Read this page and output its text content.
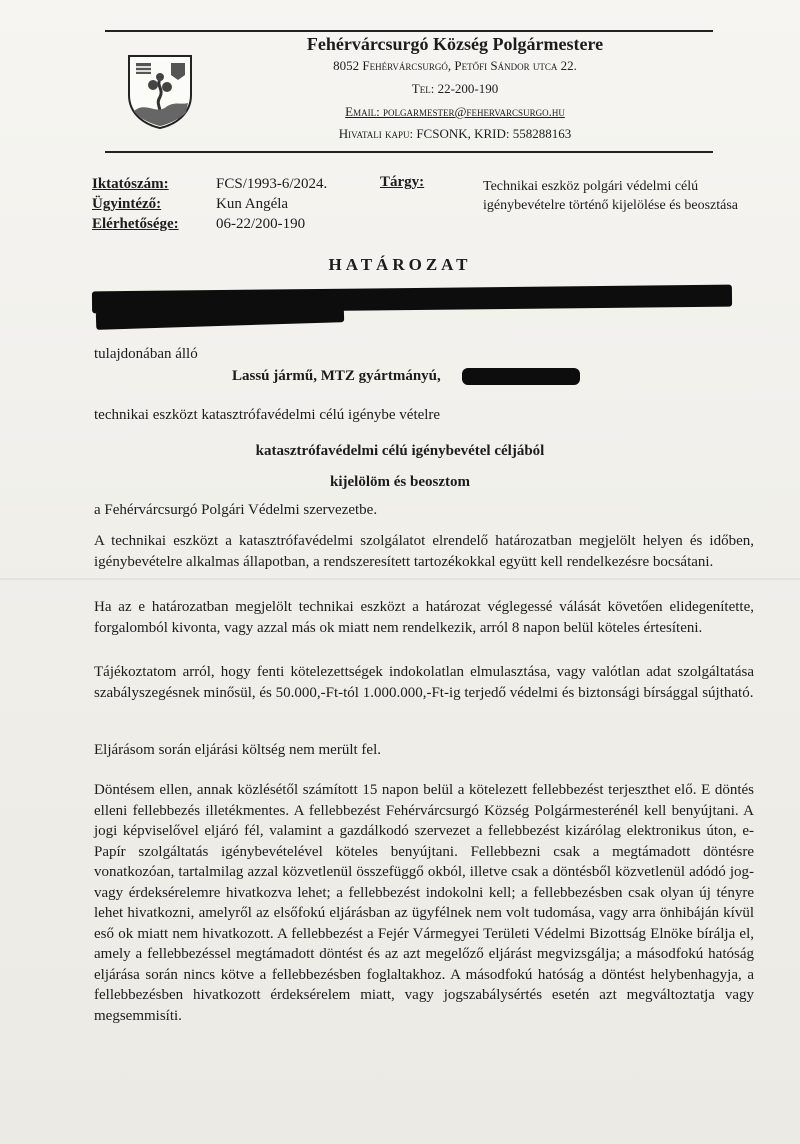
Fehérvárcsurgó Község Polgármestere
8052 Fehérvárcsurgó, Petőfi Sándor utca 22.
Tel: 22-200-190
Email: polgarmester@fehervarcsurgo.hu
Hivatali kapu: FCSONK, KRID: 558288163
Iktatószám:	FCS/1993-6/2024.
Ügyintéző:	Kun Angéla
Elérhetősége: 06-22/200-190
Tárgy:	Technikai eszköz polgári védelmi célú igénybevételre történő kijelölése és beosztása
HATÁROZAT
tulajdonában álló
Lassú jármű, MTZ gyártmányú,
technikai eszközt katasztrófavédelmi célú igénybe vételre
katasztrófavédelmi célú igénybevétel céljából
kijelölöm és beosztom
a Fehérvárcsurgó Polgári Védelmi szervezetbe.
A technikai eszközt a katasztrófavédelmi szolgálatot elrendelő határozatban megjelölt helyen és időben, igénybevételre alkalmas állapotban, a rendszeresített tartozékokkal együtt kell rendelkezésre bocsátani.
Ha az e határozatban megjelölt technikai eszközt a határozat véglegessé válását követően elidegenítette, forgalomból kivonta, vagy azzal más ok miatt nem rendelkezik, arról 8 napon belül köteles értesíteni.
Tájékoztatom arról, hogy fenti kötelezettségek indokolatlan elmulasztása, vagy valótlan adat szolgáltatása szabályszegésnek minősül, és 50.000,-Ft-tól 1.000.000,-Ft-ig terjedő védelmi és biztonsági bírsággal sújtható.
Eljárásom során eljárási költség nem merült fel.
Döntésem ellen, annak közlésétől számított 15 napon belül a kötelezett fellebbezést terjeszthet elő. E döntés elleni fellebbezés illetékmentes. A fellebbezést Fehérvárcsurgó Község Polgármesterénél kell benyújtani. A jogi képviselővel eljáró fél, valamint a gazdálkodó szervezet a fellebbezést kizárólag elektronikus úton, e-Papír szolgáltatás igénybevételével köteles benyújtani. Fellebbezni csak a megtámadott döntésre vonatkozóan, tartalmilag azzal közvetlenül összefüggő okból, illetve csak a döntésből közvetlenül adódó jog- vagy érdeksérelemre hivatkozva lehet; a fellebbezést indokolni kell; a fellebbezésben csak olyan új tényre lehet hivatkozni, amelyről az elsőfokú eljárásban az ügyfélnek nem volt tudomása, vagy arra önhibáján kívül eső ok miatt nem hivatkozott. A fellebbezést a Fejér Vármegyei Területi Védelmi Bizottság Elnöke bírálja el, amely a fellebbezéssel megtámadott döntést és az azt megelőző eljárást megvizsgálja; a másodfokú hatóság eljárása során nincs kötve a fellebbezésben foglaltakhoz. A másodfokú hatóság a döntést helybenhagyja, a fellebbezésben hivatkozott érdeksérelem miatt, vagy jogszabálysértés esetén azt megváltoztatja vagy megsemmisíti.
